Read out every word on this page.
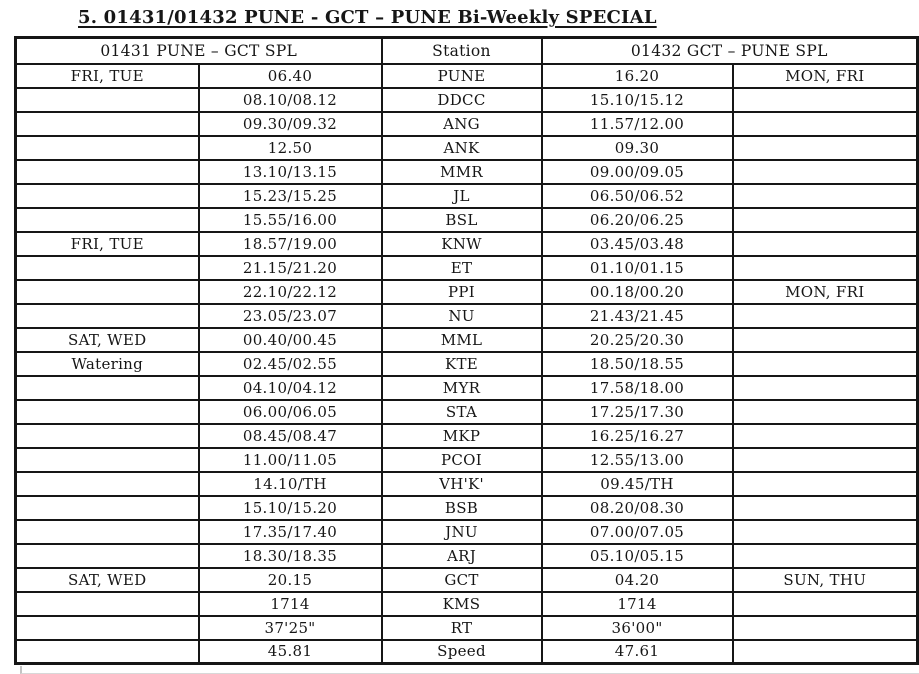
5. 01431/01432 PUNE - GCT – PUNE Bi-Weekly SPECIAL
01431 PUNE – GCT SPL		Station	01432 GCT – PUNE SPL	
FRI, TUE	06.40	PUNE	16.20	MON, FRI
	08.10/08.12	DDCC	15.10/15.12	
	09.30/09.32	ANG	11.57/12.00	
	12.50	ANK	09.30	
	13.10/13.15	MMR	09.00/09.05	
	15.23/15.25	JL	06.50/06.52	
	15.55/16.00	BSL	06.20/06.25	
FRI, TUE	18.57/19.00	KNW	03.45/03.48	
	21.15/21.20	ET	01.10/01.15	
	22.10/22.12	PPI	00.18/00.20	MON, FRI
	23.05/23.07	NU	21.43/21.45	
SAT, WED	00.40/00.45	MML	20.25/20.30	
Watering	02.45/02.55	KTE	18.50/18.55	
	04.10/04.12	MYR	17.58/18.00	
	06.00/06.05	STA	17.25/17.30	
	08.45/08.47	MKP	16.25/16.27	
	11.00/11.05	PCOI	12.55/13.00	
	14.10/TH	VH'K'	09.45/TH	
	15.10/15.20	BSB	08.20/08.30	
	17.35/17.40	JNU	07.00/07.05	
	18.30/18.35	ARJ	05.10/05.15	
SAT, WED	20.15	GCT	04.20	SUN, THU
	1714	KMS	1714	
	37'25"	RT	36'00"	
	45.81	Speed	47.61	
